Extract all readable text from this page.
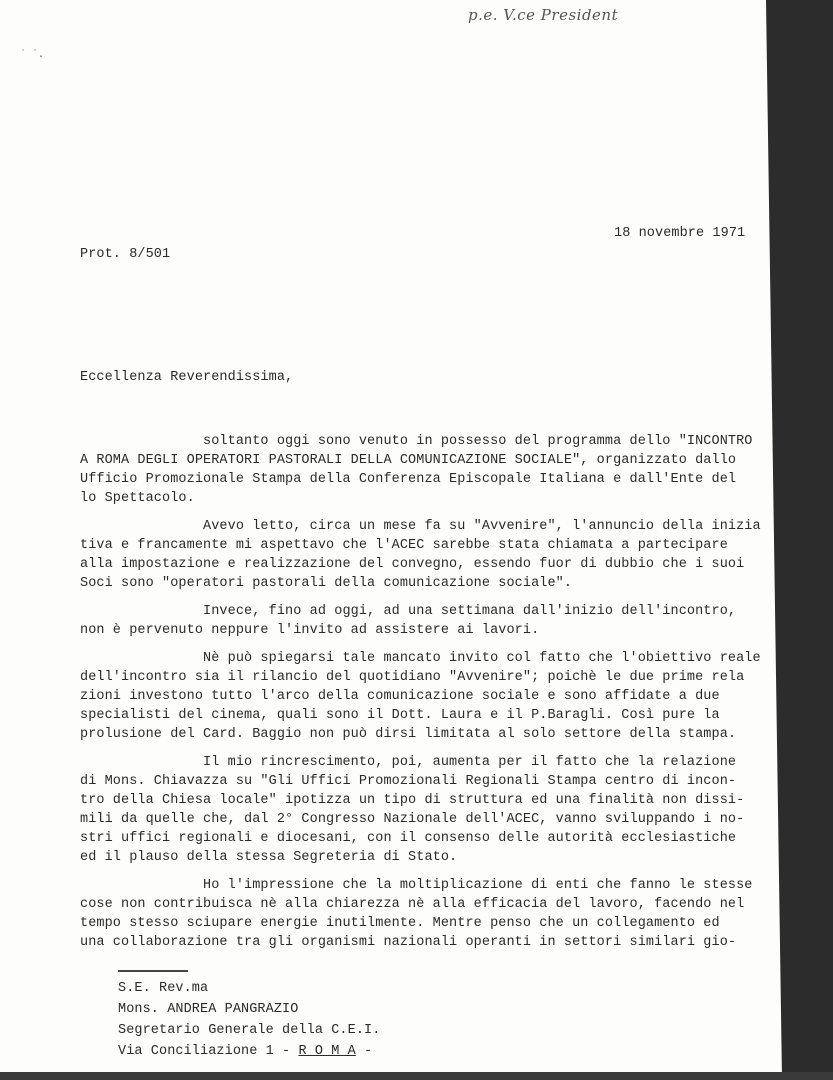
p.e. V.ce President
˙ ˙.
18 novembre 1971
Prot. 8/501
Eccellenza Reverendissima,
soltanto oggi sono venuto in possesso del programma dello "INCONTRO
A ROMA DEGLI OPERATORI PASTORALI DELLA COMUNICAZIONE SOCIALE", organizzato dallo
Ufficio Promozionale Stampa della Conferenza Episcopale Italiana e dall'Ente del
lo Spettacolo.
Avevo letto, circa un mese fa su "Avvenire", l'annuncio della inizia
tiva e francamente mi aspettavo che l'ACEC sarebbe stata chiamata a partecipare
alla impostazione e realizzazione del convegno, essendo fuor di dubbio che i suoi
Soci sono "operatori pastorali della comunicazione sociale".
Invece, fino ad oggi, ad una settimana dall'inizio dell'incontro,
non è pervenuto neppure l'invito ad assistere ai lavori.
Nè può spiegarsi tale mancato invito col fatto che l'obiettivo reale
dell'incontro sia il rilancio del quotidiano "Avvenire"; poichè le due prime rela
zioni investono tutto l'arco della comunicazione sociale e sono affidate a due
specialisti del cinema, quali sono il Dott. Laura e il P.Baragli. Così pure la
prolusione del Card. Baggio non può dirsi limitata al solo settore della stampa.
Il mio rincrescimento, poi, aumenta per il fatto che la relazione
di Mons. Chiavazza su "Gli Uffici Promozionali Regionali Stampa centro di incon-
tro della Chiesa locale" ipotizza un tipo di struttura ed una finalità non dissi-
mili da quelle che, dal 2° Congresso Nazionale dell'ACEC, vanno sviluppando i no-
stri uffici regionali e diocesani, con il consenso delle autorità ecclesiastiche
ed il plauso della stessa Segreteria di Stato.
Ho l'impressione che la moltiplicazione di enti che fanno le stesse
cose non contribuisca nè alla chiarezza nè alla efficacia del lavoro, facendo nel
tempo stesso sciupare energie inutilmente. Mentre penso che un collegamento ed
una collaborazione tra gli organismi nazionali operanti in settori similari gio-
S.E. Rev.ma
Mons. ANDREA PANGRAZIO
Segretario Generale della C.E.I.
Via Conciliazione 1 - R O M A -
